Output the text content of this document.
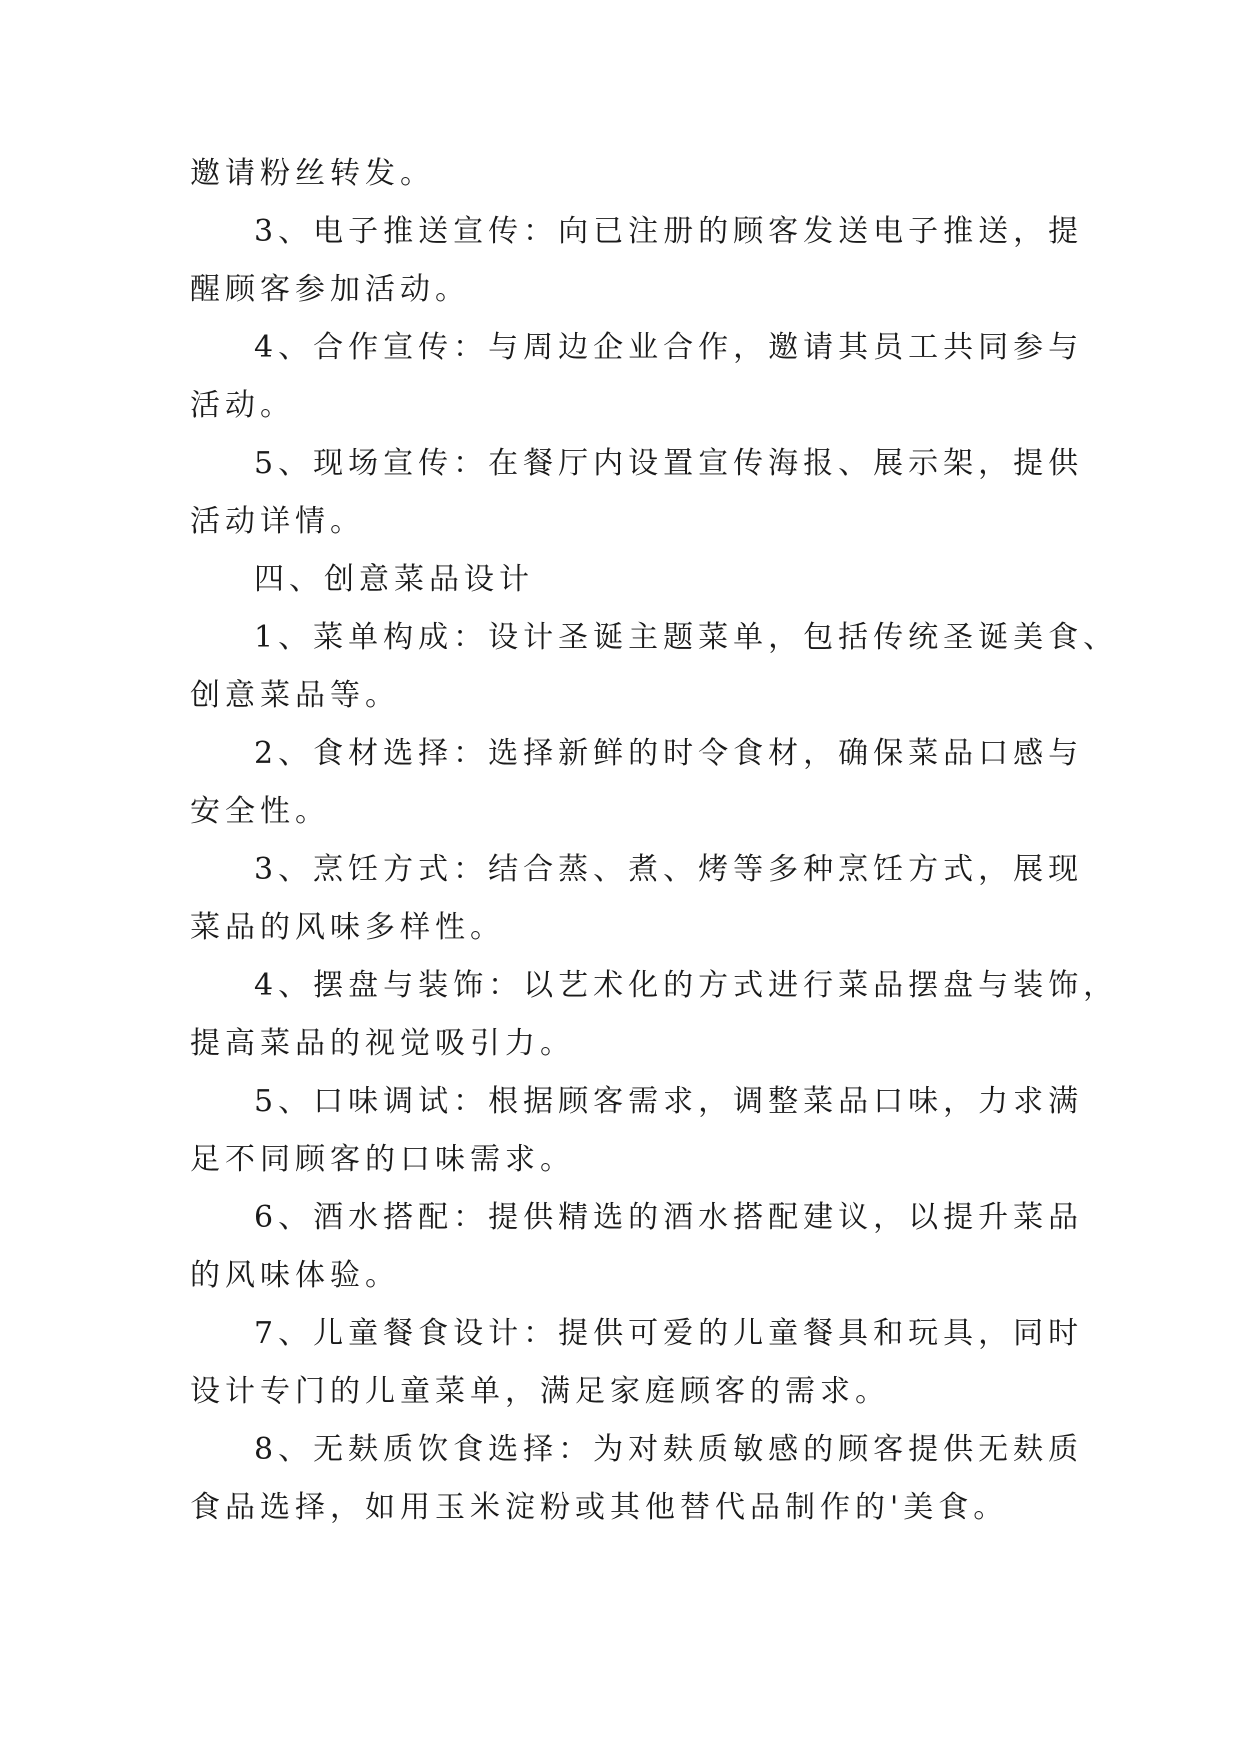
邀请粉丝转发。
3、电子推送宣传：向已注册的顾客发送电子推送，提
醒顾客参加活动。
4、合作宣传：与周边企业合作，邀请其员工共同参与
活动。
5、现场宣传：在餐厅内设置宣传海报、展示架，提供
活动详情。
四、创意菜品设计
1、菜单构成：设计圣诞主题菜单，包括传统圣诞美食、
创意菜品等。
2、食材选择：选择新鲜的时令食材，确保菜品口感与
安全性。
3、烹饪方式：结合蒸、煮、烤等多种烹饪方式，展现
菜品的风味多样性。
4、摆盘与装饰：以艺术化的方式进行菜品摆盘与装饰，
提高菜品的视觉吸引力。
5、口味调试：根据顾客需求，调整菜品口味，力求满
足不同顾客的口味需求。
6、酒水搭配：提供精选的酒水搭配建议，以提升菜品
的风味体验。
7、儿童餐食设计：提供可爱的儿童餐具和玩具，同时
设计专门的儿童菜单，满足家庭顾客的需求。
8、无麸质饮食选择：为对麸质敏感的顾客提供无麸质
食品选择，如用玉米淀粉或其他替代品制作的'美食。
